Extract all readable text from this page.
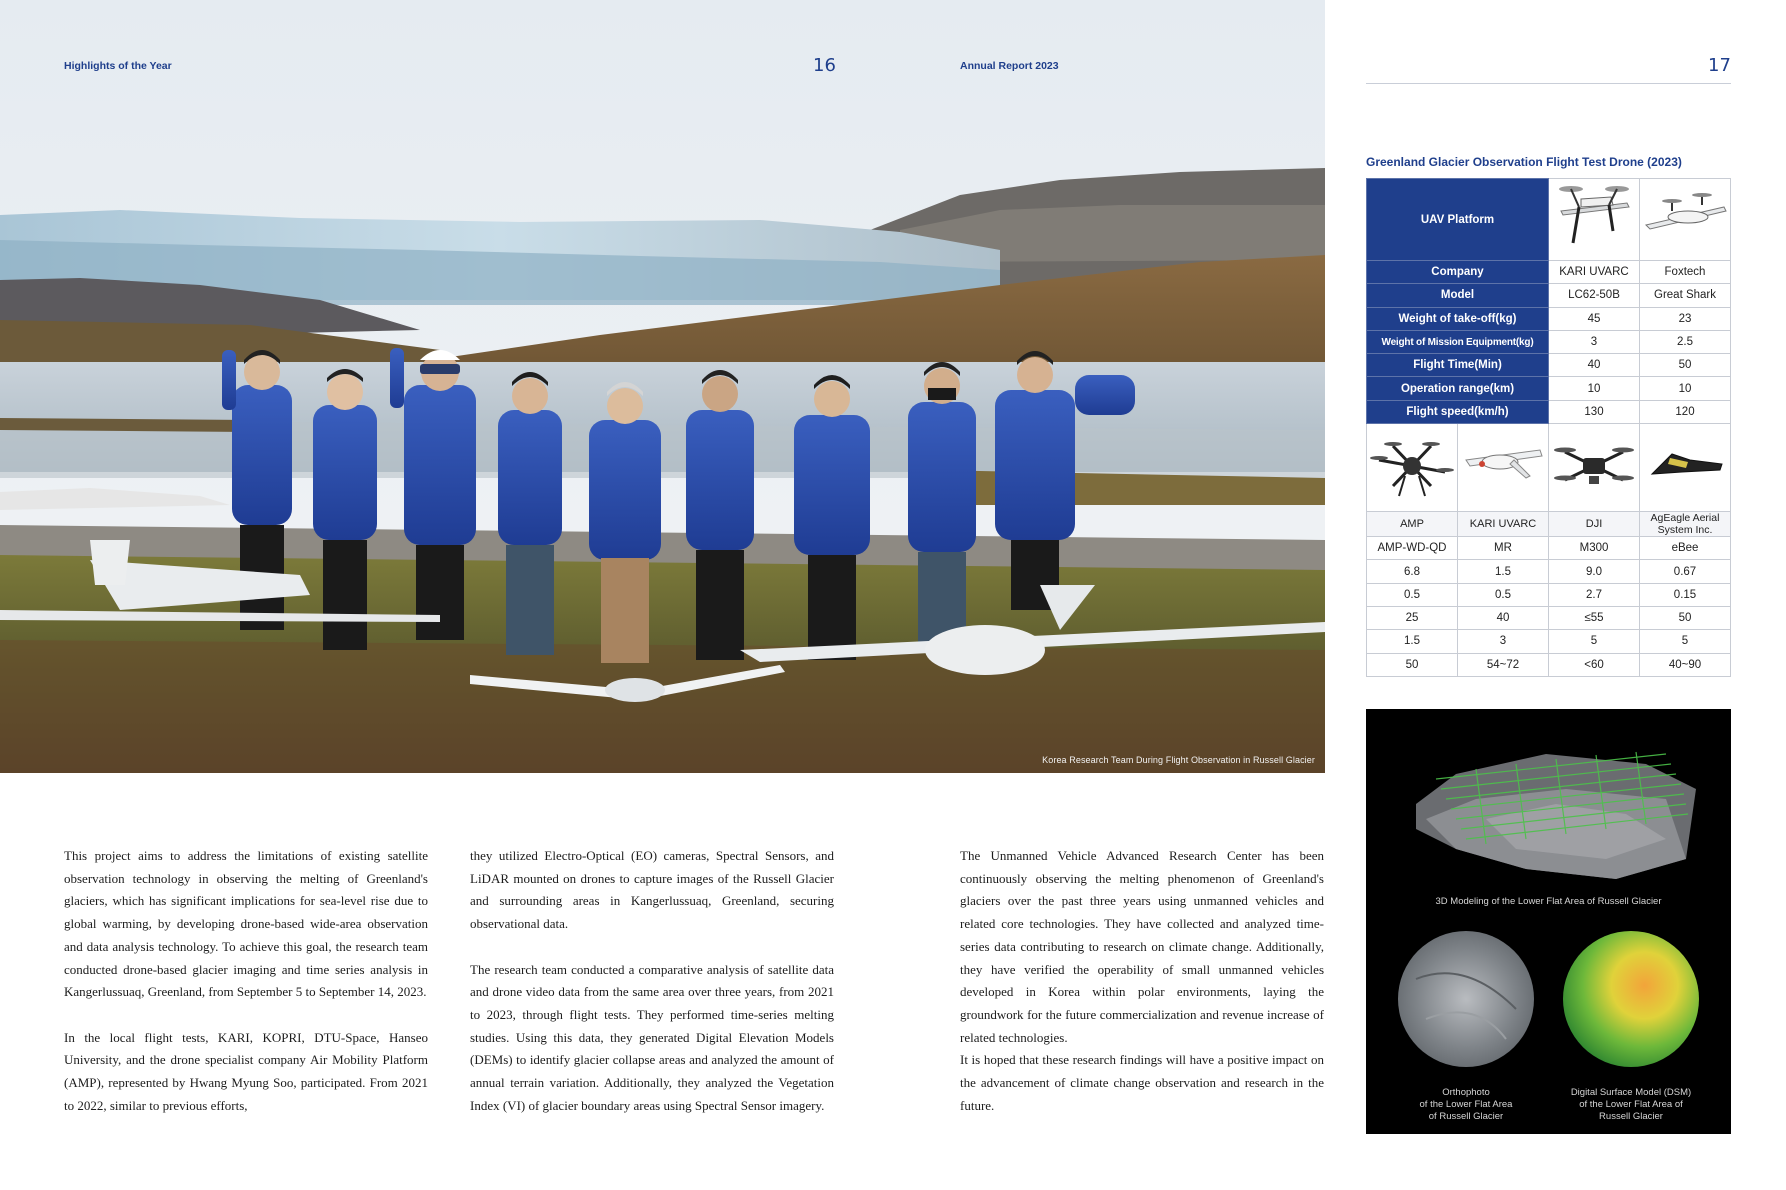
Korea Research Team During Flight Observation in Russell Glacier
Highlights of the Year	16	Annual Report 2023	17

This project aims to address the limitations of existing satellite observation technology in observing the melting of Greenland's glaciers, which has significant implications for sea-level rise due to global warming, by developing drone-based wide-area observation and data analysis technology. To achieve this goal, the research team conducted drone-based glacier imaging and time series analysis in Kangerlussuaq, Greenland, from September 5 to September 14, 2023.

In the local flight tests, KARI, KOPRI, DTU-Space, Hanseo University, and the drone specialist company Air Mobility Platform (AMP), represented by Hwang Myung Soo, participated. From 2021 to 2022, similar to previous efforts,

they utilized Electro-Optical (EO) cameras, Spectral Sensors, and LiDAR mounted on drones to capture images of the Russell Glacier and surrounding areas in Kangerlussuaq, Greenland, securing observational data.

The research team conducted a comparative analysis of satellite data and drone video data from the same area over three years, from 2021 to 2023, through flight tests. They performed time-series melting studies. Using this data, they generated Digital Elevation Models (DEMs) to identify glacier collapse areas and analyzed the amount of annual terrain variation. Additionally, they analyzed the Vegetation Index (VI) of glacier boundary areas using Spectral Sensor imagery.

The Unmanned Vehicle Advanced Research Center has been continuously observing the melting phenomenon of Greenland's glaciers over the past three years using unmanned vehicles and related core technologies. They have collected and analyzed time-series data contributing to research on climate change. Additionally, they have verified the operability of small unmanned vehicles developed in Korea within polar environments, laying the groundwork for the future commercialization and revenue increase of related technologies.

It is hoped that these research findings will have a positive impact on the advancement of climate change observation and research in the future.

Greenland Glacier Observation Flight Test Drone (2023)
UAV Platform		
Company		KARI UVARC	Foxtech
Model		LC62-50B	Great Shark
Weight of take-off(kg)		45	23
Weight of Mission Equipment(kg)		3	2.5
Flight Time(Min)		40	50
Operation range(km)		10	10
Flight speed(km/h)		130	120

AMP	KARI UVARC	DJI	AgEagle Aerial System Inc.
AMP-WD-QD	MR	M300	eBee
6.8	1.5	9.0	0.67
0.5	0.5	2.7	0.15
25	40	≤55	50
1.5	3	5	5
50	54~72	<60	40~90
3D Modeling of the Lower Flat Area of Russell Glacier
Orthophoto
of the Lower Flat Area
of Russell Glacier
Digital Surface Model (DSM)
of the Lower Flat Area of
Russell Glacier
